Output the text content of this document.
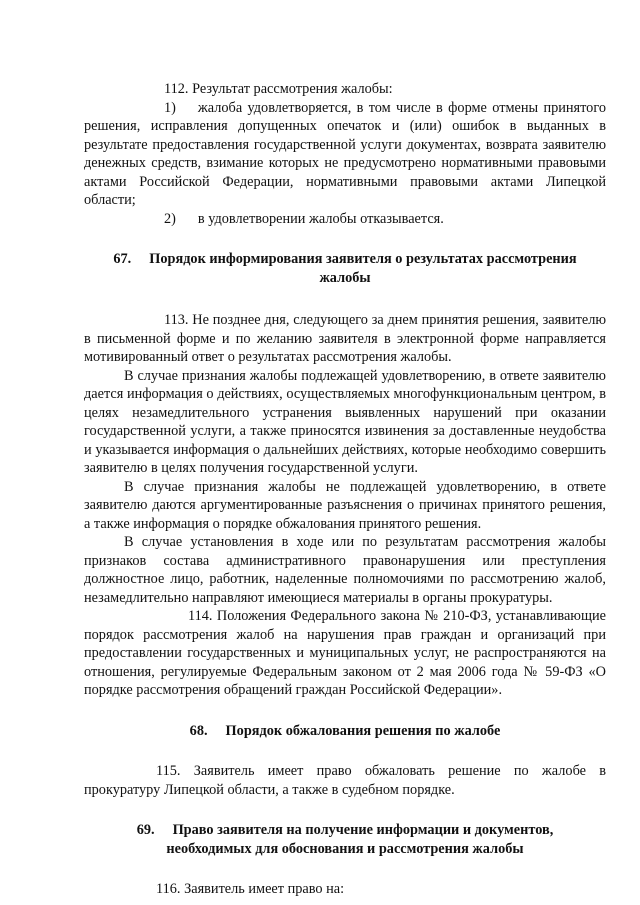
112. Результат рассмотрения жалобы:

1) жалоба удовлетворяется, в том числе в форме отмены принятого решения, исправления допущенных опечаток и (или) ошибок в выданных в результате предоставления государственной услуги документах, возврата заявителю денежных средств, взимание которых не предусмотрено нормативными правовыми актами Российской Федерации, нормативными правовыми актами Липецкой области;

2) в удовлетворении жалобы отказывается.

67. Порядок информирования заявителя о результатах рассмотрения жалобы

113. Не позднее дня, следующего за днем принятия решения, заявителю в письменной форме и по желанию заявителя в электронной форме направляется мотивированный ответ о результатах рассмотрения жалобы.

В случае признания жалобы подлежащей удовлетворению, в ответе заявителю дается информация о действиях, осуществляемых многофункциональным центром, в целях незамедлительного устранения выявленных нарушений при оказании государственной услуги, а также приносятся извинения за доставленные неудобства и указывается информация о дальнейших действиях, которые необходимо совершить заявителю в целях получения государственной услуги.

В случае признания жалобы не подлежащей удовлетворению, в ответе заявителю даются аргументированные разъяснения о причинах принятого решения, а также информация о порядке обжалования принятого решения.

В случае установления в ходе или по результатам рассмотрения жалобы признаков состава административного правонарушения или преступления должностное лицо, работник, наделенные полномочиями по рассмотрению жалоб, незамедлительно направляют имеющиеся материалы в органы прокуратуры.

114. Положения Федерального закона № 210-ФЗ, устанавливающие порядок рассмотрения жалоб на нарушения прав граждан и организаций при предоставлении государственных и муниципальных услуг, не распространяются на отношения, регулируемые Федеральным законом от 2 мая 2006 года № 59-ФЗ «О порядке рассмотрения обращений граждан Российской Федерации».

68. Порядок обжалования решения по жалобе

115. Заявитель имеет право обжаловать решение по жалобе в прокуратуру Липецкой области, а также в судебном порядке.

69. Право заявителя на получение информации и документов, необходимых для обоснования и рассмотрения жалобы

116. Заявитель имеет право на:
